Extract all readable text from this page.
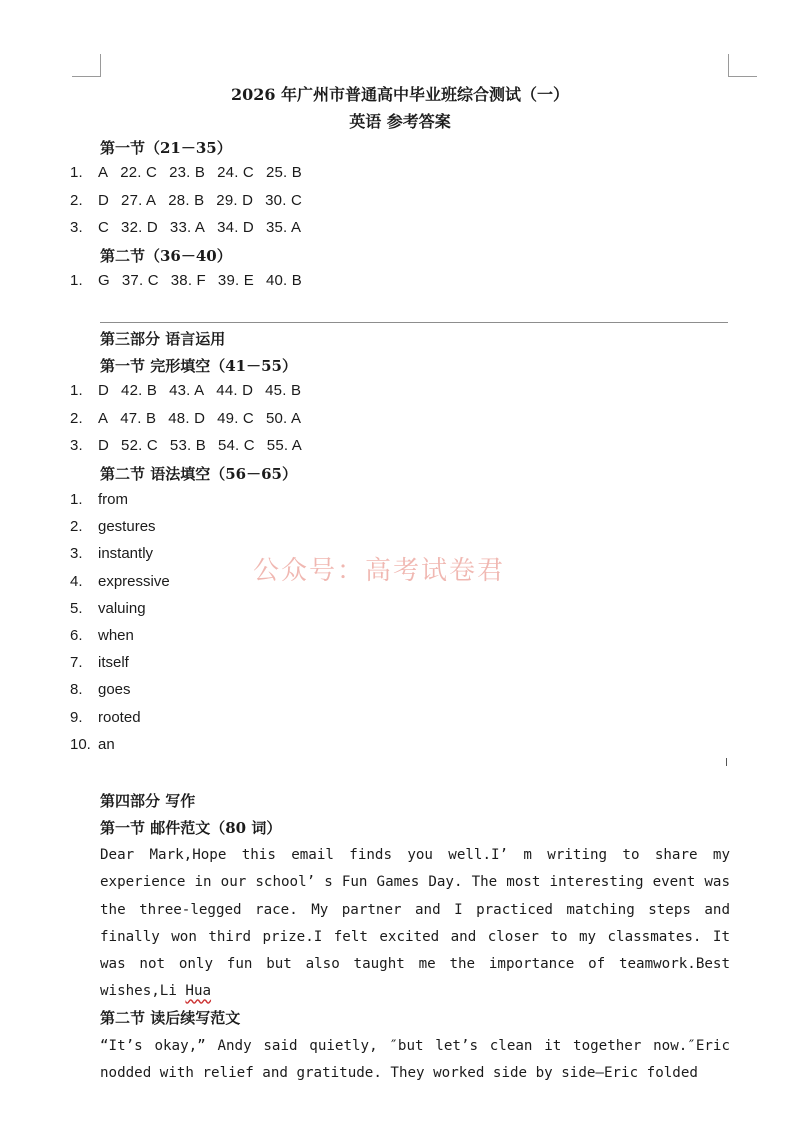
2026 年广州市普通高中毕业班综合测试（一）
英语 参考答案
第一节（21－35）
1. A 22. C 23. B 24. C 25. B
2. D 27. A 28. B 29. D 30. C
3. C 32. D 33. A 34. D 35. A
第二节（36－40）
1. G 37. C 38. F 39. E 40. B
第三部分 语言运用
第一节 完形填空（41－55）
1. D 42. B 43. A 44. D 45. B
2. A 47. B 48. D 49. C 50. A
3. D 52. C 53. B 54. C 55. A
第二节 语法填空（56－65）
1. from
2. gestures
3. instantly
4. expressive
5. valuing
6. when
7. itself
8. goes
9. rooted
10. an
公众号：高考试卷君
第四部分 写作
第一节 邮件范文（80 词）
Dear Mark,Hope this email finds you well.I’ m writing to share my experience in our school’ s Fun Games Day. The most interesting event was the three-legged race. My partner and I practiced matching steps and finally won third prize.I felt excited and closer to my classmates. It was not only fun but also taught me the importance of teamwork.Best wishes,Li Hua
第二节 读后续写范文
“It’s okay,” Andy said quietly, ″but let’s clean it together now.″Eric nodded with relief and gratitude. They worked side by side—Eric folded
